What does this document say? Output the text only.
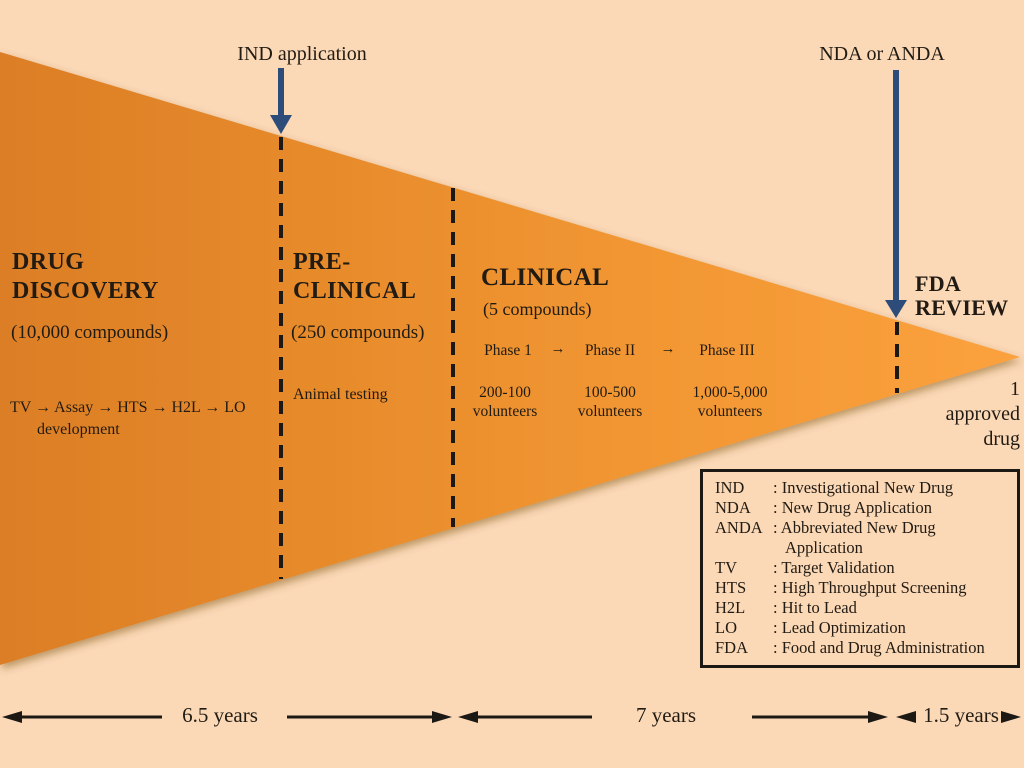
IND application	NDA or ANDA
DRUG
DISCOVERY
(10,000 compounds)
TV → Assay → HTS → H2L → LO
development
PRE-
CLINICAL
(250 compounds)
Animal testing
CLINICAL
(5 compounds)
Phase 1 → Phase II → Phase III
200-100
volunteers
100-500
volunteers
1,000-5,000
volunteers
FDA
REVIEW
1
approved
drug
IND	: Investigational New Drug
NDA	: New Drug Application
ANDA : Abbreviated New Drug Application
TV	: Target Validation
HTS	: High Throughput Screening
H2L	: Hit to Lead
LO	: Lead Optimization
FDA	: Food and Drug Administration
6.5 years	7 years	1.5 years
